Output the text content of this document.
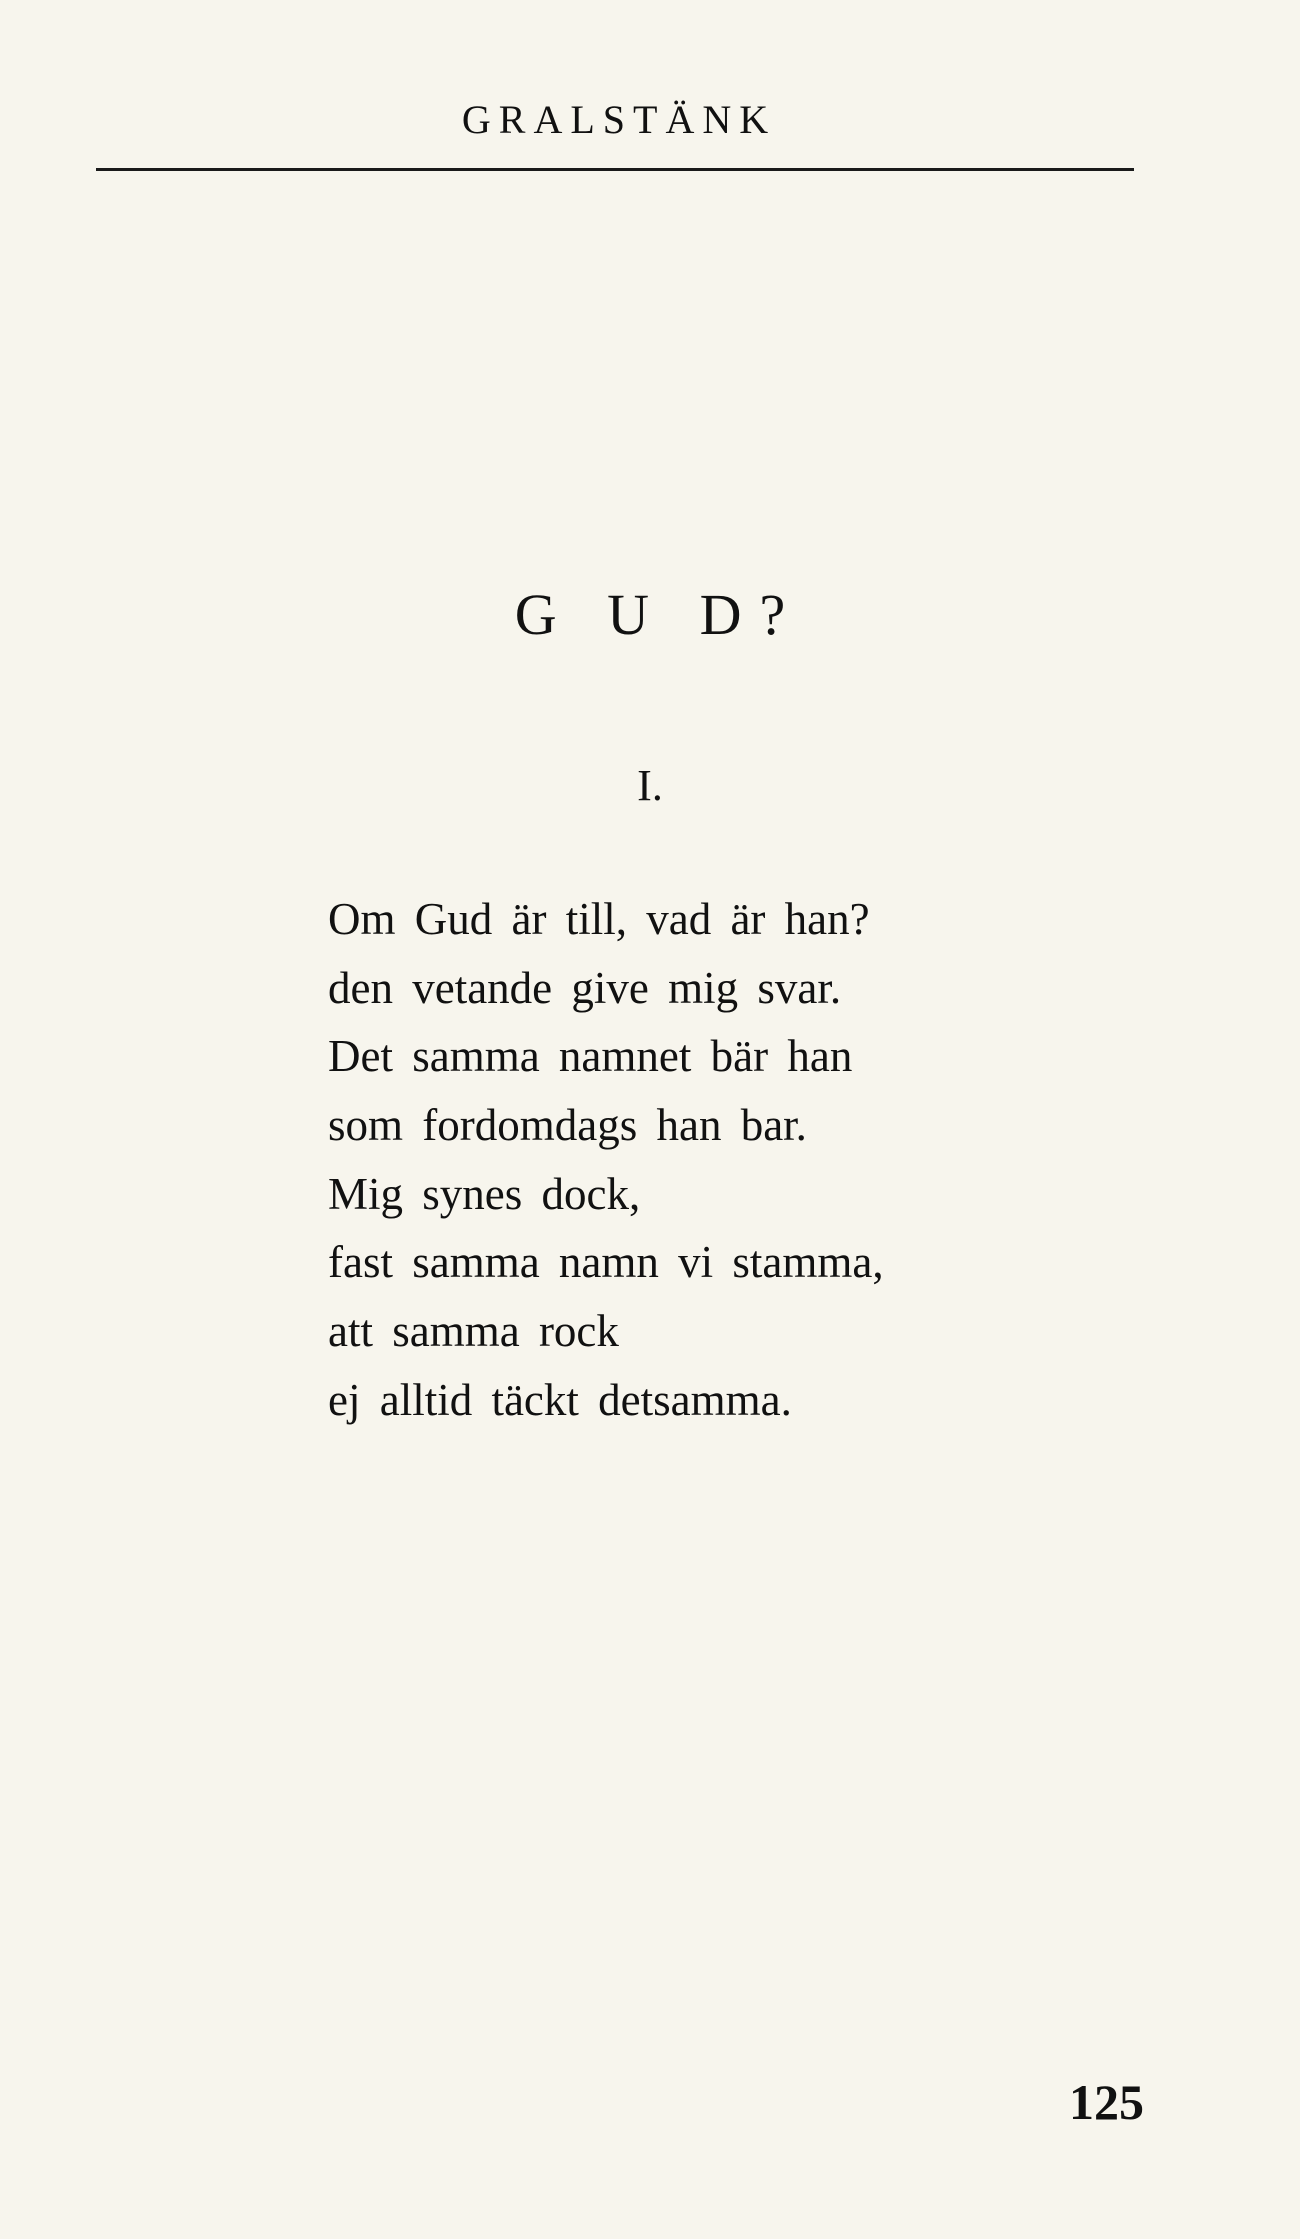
GRALSTÄNK
G U D?
I.
Om Gud är till, vad är han?
den vetande give mig svar.
Det samma namnet bär han
som fordomdags han bar.
Mig synes dock,
fast samma namn vi stamma,
att samma rock
ej alltid täckt detsamma.
125
